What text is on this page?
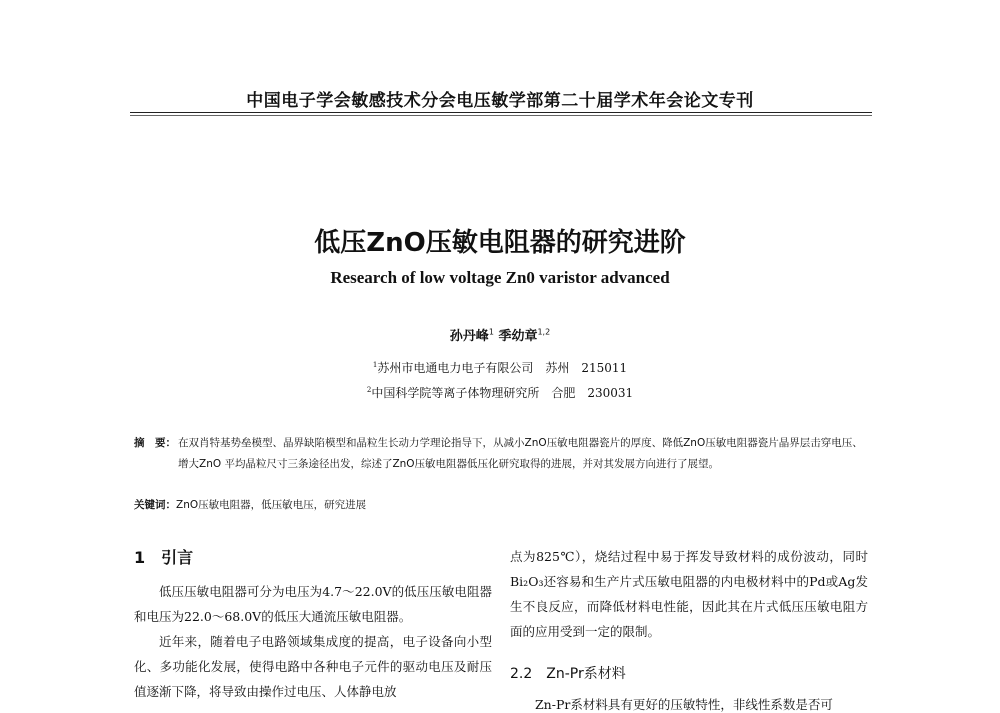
中国电子学会敏感技术分会电压敏学部第二十届学术年会论文专刊
低压ZnO压敏电阻器的研究进阶
Research of low voltage Zn0 varistor advanced
孙丹峰$^1$ 季幼章$^{1,2}$
$^1$苏州市电通电力电子有限公司　苏州　215011
$^2$中国科学院等离子体物理研究所　合肥　230031
摘　要： 在双肖特基势垒模型、晶界缺陷模型和晶粒生长动力学理论指导下，从减小ZnO压敏电阻器瓷片的厚度、降低ZnO压敏电阻器瓷片晶界层击穿电压、增大ZnO 平均晶粒尺寸三条途径出发，综述了ZnO压敏电阻器低压化研究取得的进展，并对其发展方向进行了展望。
关键词：ZnO压敏电阻器，低压敏电压，研究进展
1　引言

低压压敏电阻器可分为电压为4.7～22.0V的低压压敏电阻器和电压为22.0～68.0V的低压大通流压敏电阻器。

近年来，随着电子电路领域集成度的提高，电子设备向小型化、多功能化发展，使得电路中各种电子元件的驱动电压及耐压值逐渐下降，将导致由操作过电压、人体静电放

点为825℃），烧结过程中易于挥发导致材料的成份波动，同时Bi₂O₃还容易和生产片式压敏电阻器的内电极材料中的Pd或Ag发生不良反应，而降低材料电性能，因此其在片式低压压敏电阻方面的应用受到一定的限制。

2.2　Zn-Pr系材料
Zn-Pr系材料具有更好的压敏特性，非线性系数是否可
